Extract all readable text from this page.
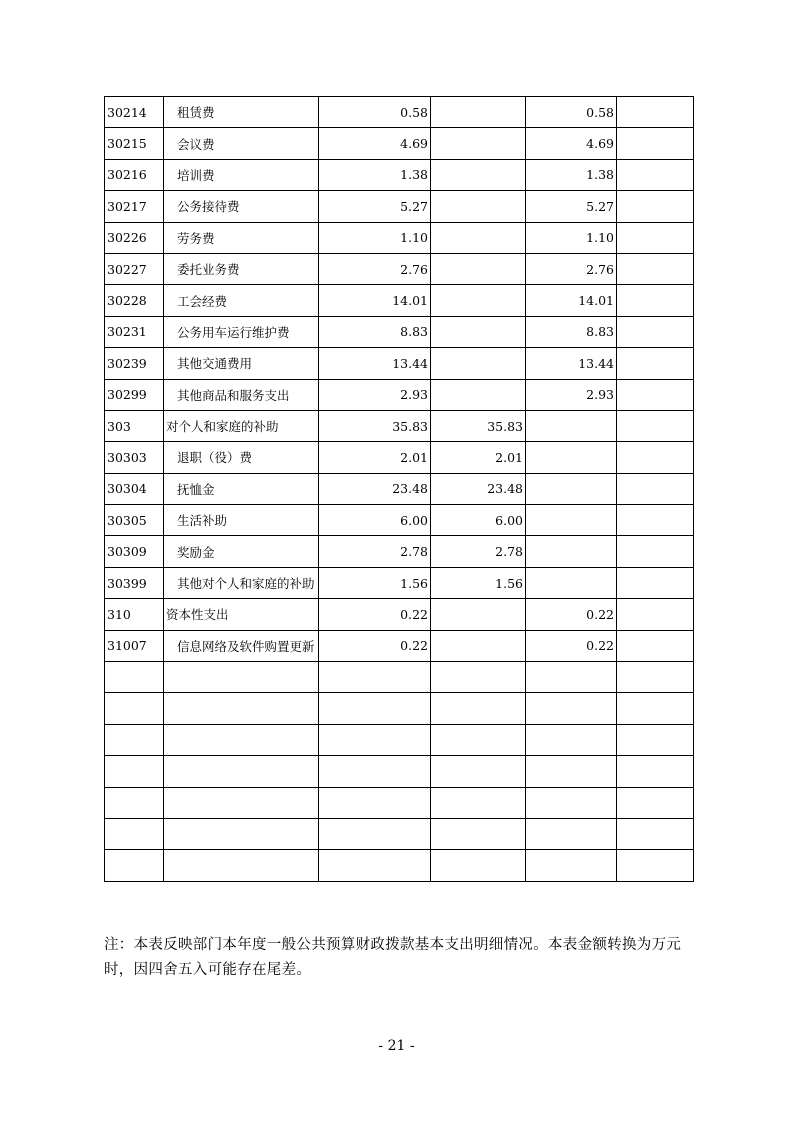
30214	租赁费	0.58		0.58	
30215	会议费	4.69		4.69	
30216	培训费	1.38		1.38	
30217	公务接待费	5.27		5.27	
30226	劳务费	1.10		1.10	
30227	委托业务费	2.76		2.76	
30228	工会经费	14.01		14.01	
30231	公务用车运行维护费	8.83		8.83	
30239	其他交通费用	13.44		13.44	
30299	其他商品和服务支出	2.93		2.93	
303	对个人和家庭的补助	35.83	35.83		
30303	退职（役）费	2.01	2.01		
30304	抚恤金	23.48	23.48		
30305	生活补助	6.00	6.00		
30309	奖励金	2.78	2.78		
30399	其他对个人和家庭的补助	1.56	1.56		
310	资本性支出	0.22		0.22	
31007	信息网络及软件购置更新	0.22		0.22	

注：本表反映部门本年度一般公共预算财政拨款基本支出明细情况。本表金额转换为万元时，因四舍五入可能存在尾差。
- 21 -
